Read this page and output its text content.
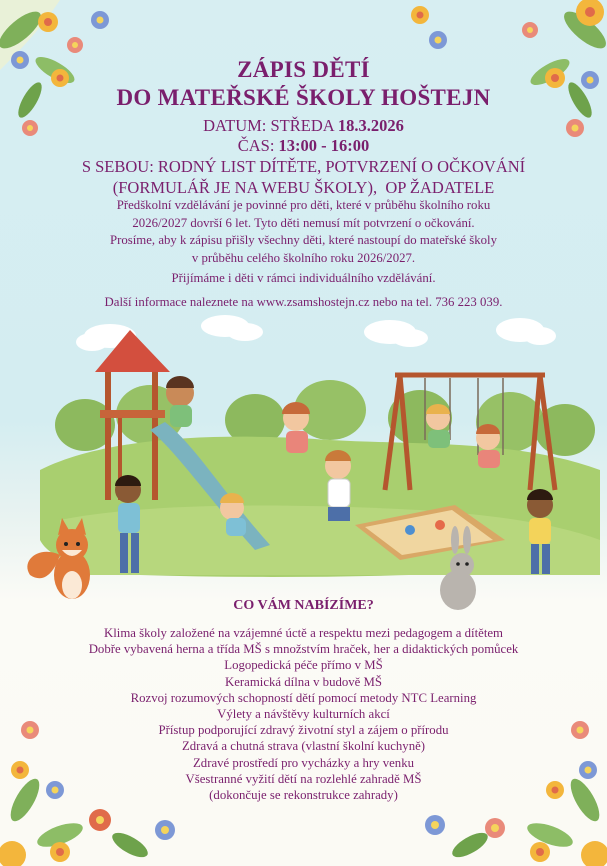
ZÁPIS DĚTÍ
DO MATEŘSKÉ ŠKOLY HOŠTEJN
DATUM: STŘEDA 18.3.2026
ČAS: 13:00 - 16:00
S SEBOU: RODNÝ LIST DÍTĚTE, POTVRZENÍ O OČKOVÁNÍ
(FORMULÁŘ JE NA WEBU ŠKOLY),  OP ŽADATELE
Předškolní vzdělávání je povinné pro děti, které v průběhu školního roku
2026/2027 dovrší 6 let. Tyto děti nemusí mít potvrzení o očkování.
Prosíme, aby k zápisu přišly všechny děti, které nastoupí do mateřské školy
v průběhu celého školního roku 2026/2027.
Přijímáme i děti v rámci individuálního vzdělávání.
Další informace naleznete na www.zsamshostejn.cz nebo na tel. 736 223 039.
CO VÁM NABÍZÍME?
Klima školy založené na vzájemné úctě a respektu mezi pedagogem a dítětem
Dobře vybavená herna a třída MŠ s množstvím hraček, her a didaktických pomůcek
Logopedická péče přímo v MŠ
Keramická dílna v budově MŠ
Rozvoj rozumových schopností dětí pomocí metody NTC Learning
Výlety a návštěvy kulturních akcí
Přístup podporující zdravý životní styl a zájem o přírodu
Zdravá a chutná strava (vlastní školní kuchyně)
Zdravé prostředí pro vycházky a hry venku
Všestranné vyžití dětí na rozlehlé zahradě MŠ
(dokončuje se rekonstrukce zahrady)
